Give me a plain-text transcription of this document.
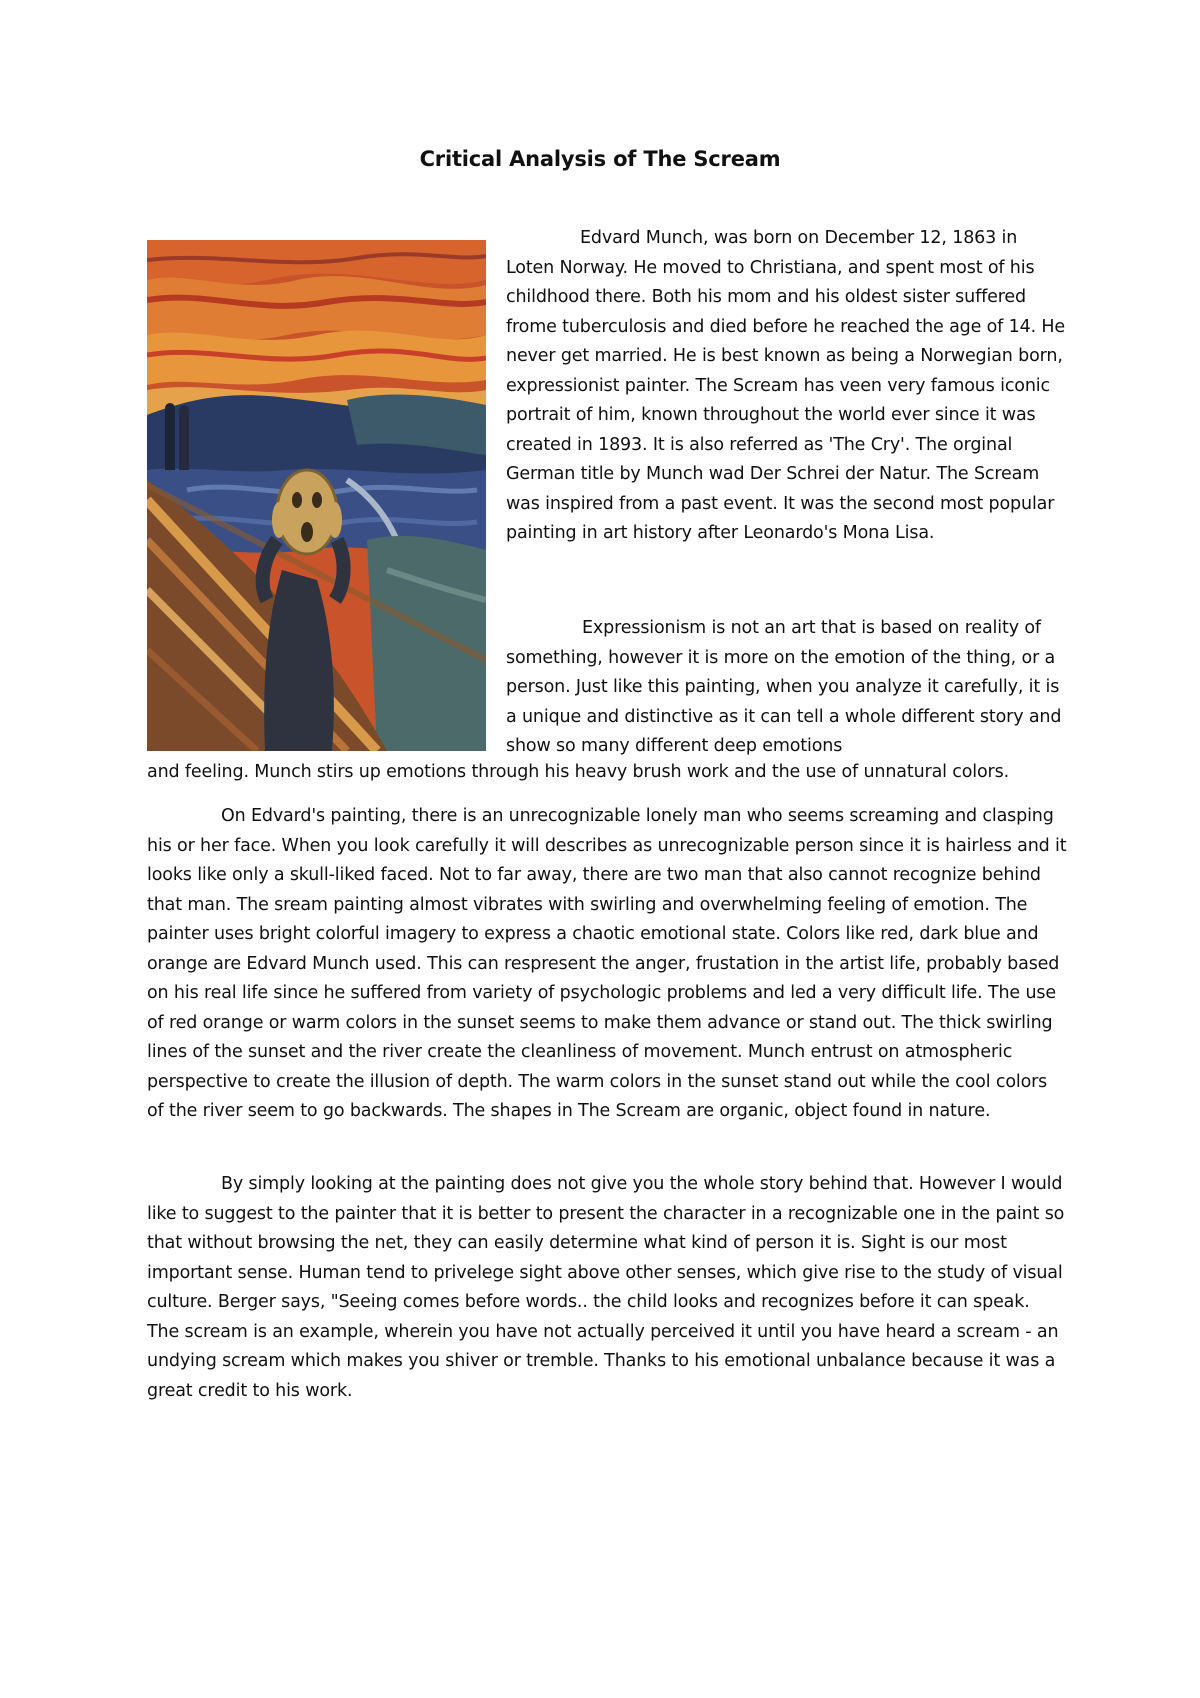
Critical Analysis of The Scream

Edvard Munch, was born on December 12, 1863 in Loten Norway. He moved to Christiana, and spent most of his childhood there. Both his mom and his oldest sister suffered frome tuberculosis and died before he reached the age of 14. He never get married. He is best known as being a Norwegian born, expressionist painter. The Scream has veen very famous iconic portrait of him, known throughout the world ever since it was created in 1893. It is also referred as 'The Cry'. The orginal German title by Munch wad Der Schrei der Natur. The Scream was inspired from a past event. It was the second most popular painting in art history after Leonardo's Mona Lisa.

Expressionism is not an art that is based on reality of something, however it is more on the emotion of the thing, or a person. Just like this painting, when you analyze it carefully, it is a unique and distinctive as it can tell a whole different story and show so many different deep emotions

and feeling. Munch stirs up emotions through his heavy brush work and the use of unnatural colors.

On Edvard's painting, there is an unrecognizable lonely man who seems screaming and clasping his or her face. When you look carefully it will describes as unrecognizable person since it is hairless and it looks like only a skull-liked faced. Not to far away, there are two man that also cannot recognize behind that man. The sream painting almost vibrates with swirling and overwhelming feeling of emotion. The painter uses bright colorful imagery to express a chaotic emotional state. Colors like red, dark blue and orange are Edvard Munch used. This can respresent the anger, frustation in the artist life, probably based on his real life since he suffered from variety of psychologic problems and led a very difficult life. The use of red orange or warm colors in the sunset seems to make them advance or stand out. The thick swirling lines of the sunset and the river create the cleanliness of movement. Munch entrust on atmospheric perspective to create the illusion of depth. The warm colors in the sunset stand out while the cool colors of the river seem to go backwards. The shapes in The Scream are organic, object found in nature.

By simply looking at the painting does not give you the whole story behind that. However I would like to suggest to the painter that it is better to present the character in a recognizable one in the paint so that without browsing the net, they can easily determine what kind of person it is. Sight is our most important sense. Human tend to privelege sight above other senses, which give rise to the study of visual culture. Berger says, "Seeing comes before words.. the child looks and recognizes before it can speak. The scream is an example, wherein you have not actually perceived it until you have heard a scream - an undying scream which makes you shiver or tremble. Thanks to his emotional unbalance because it was a great credit to his work.
